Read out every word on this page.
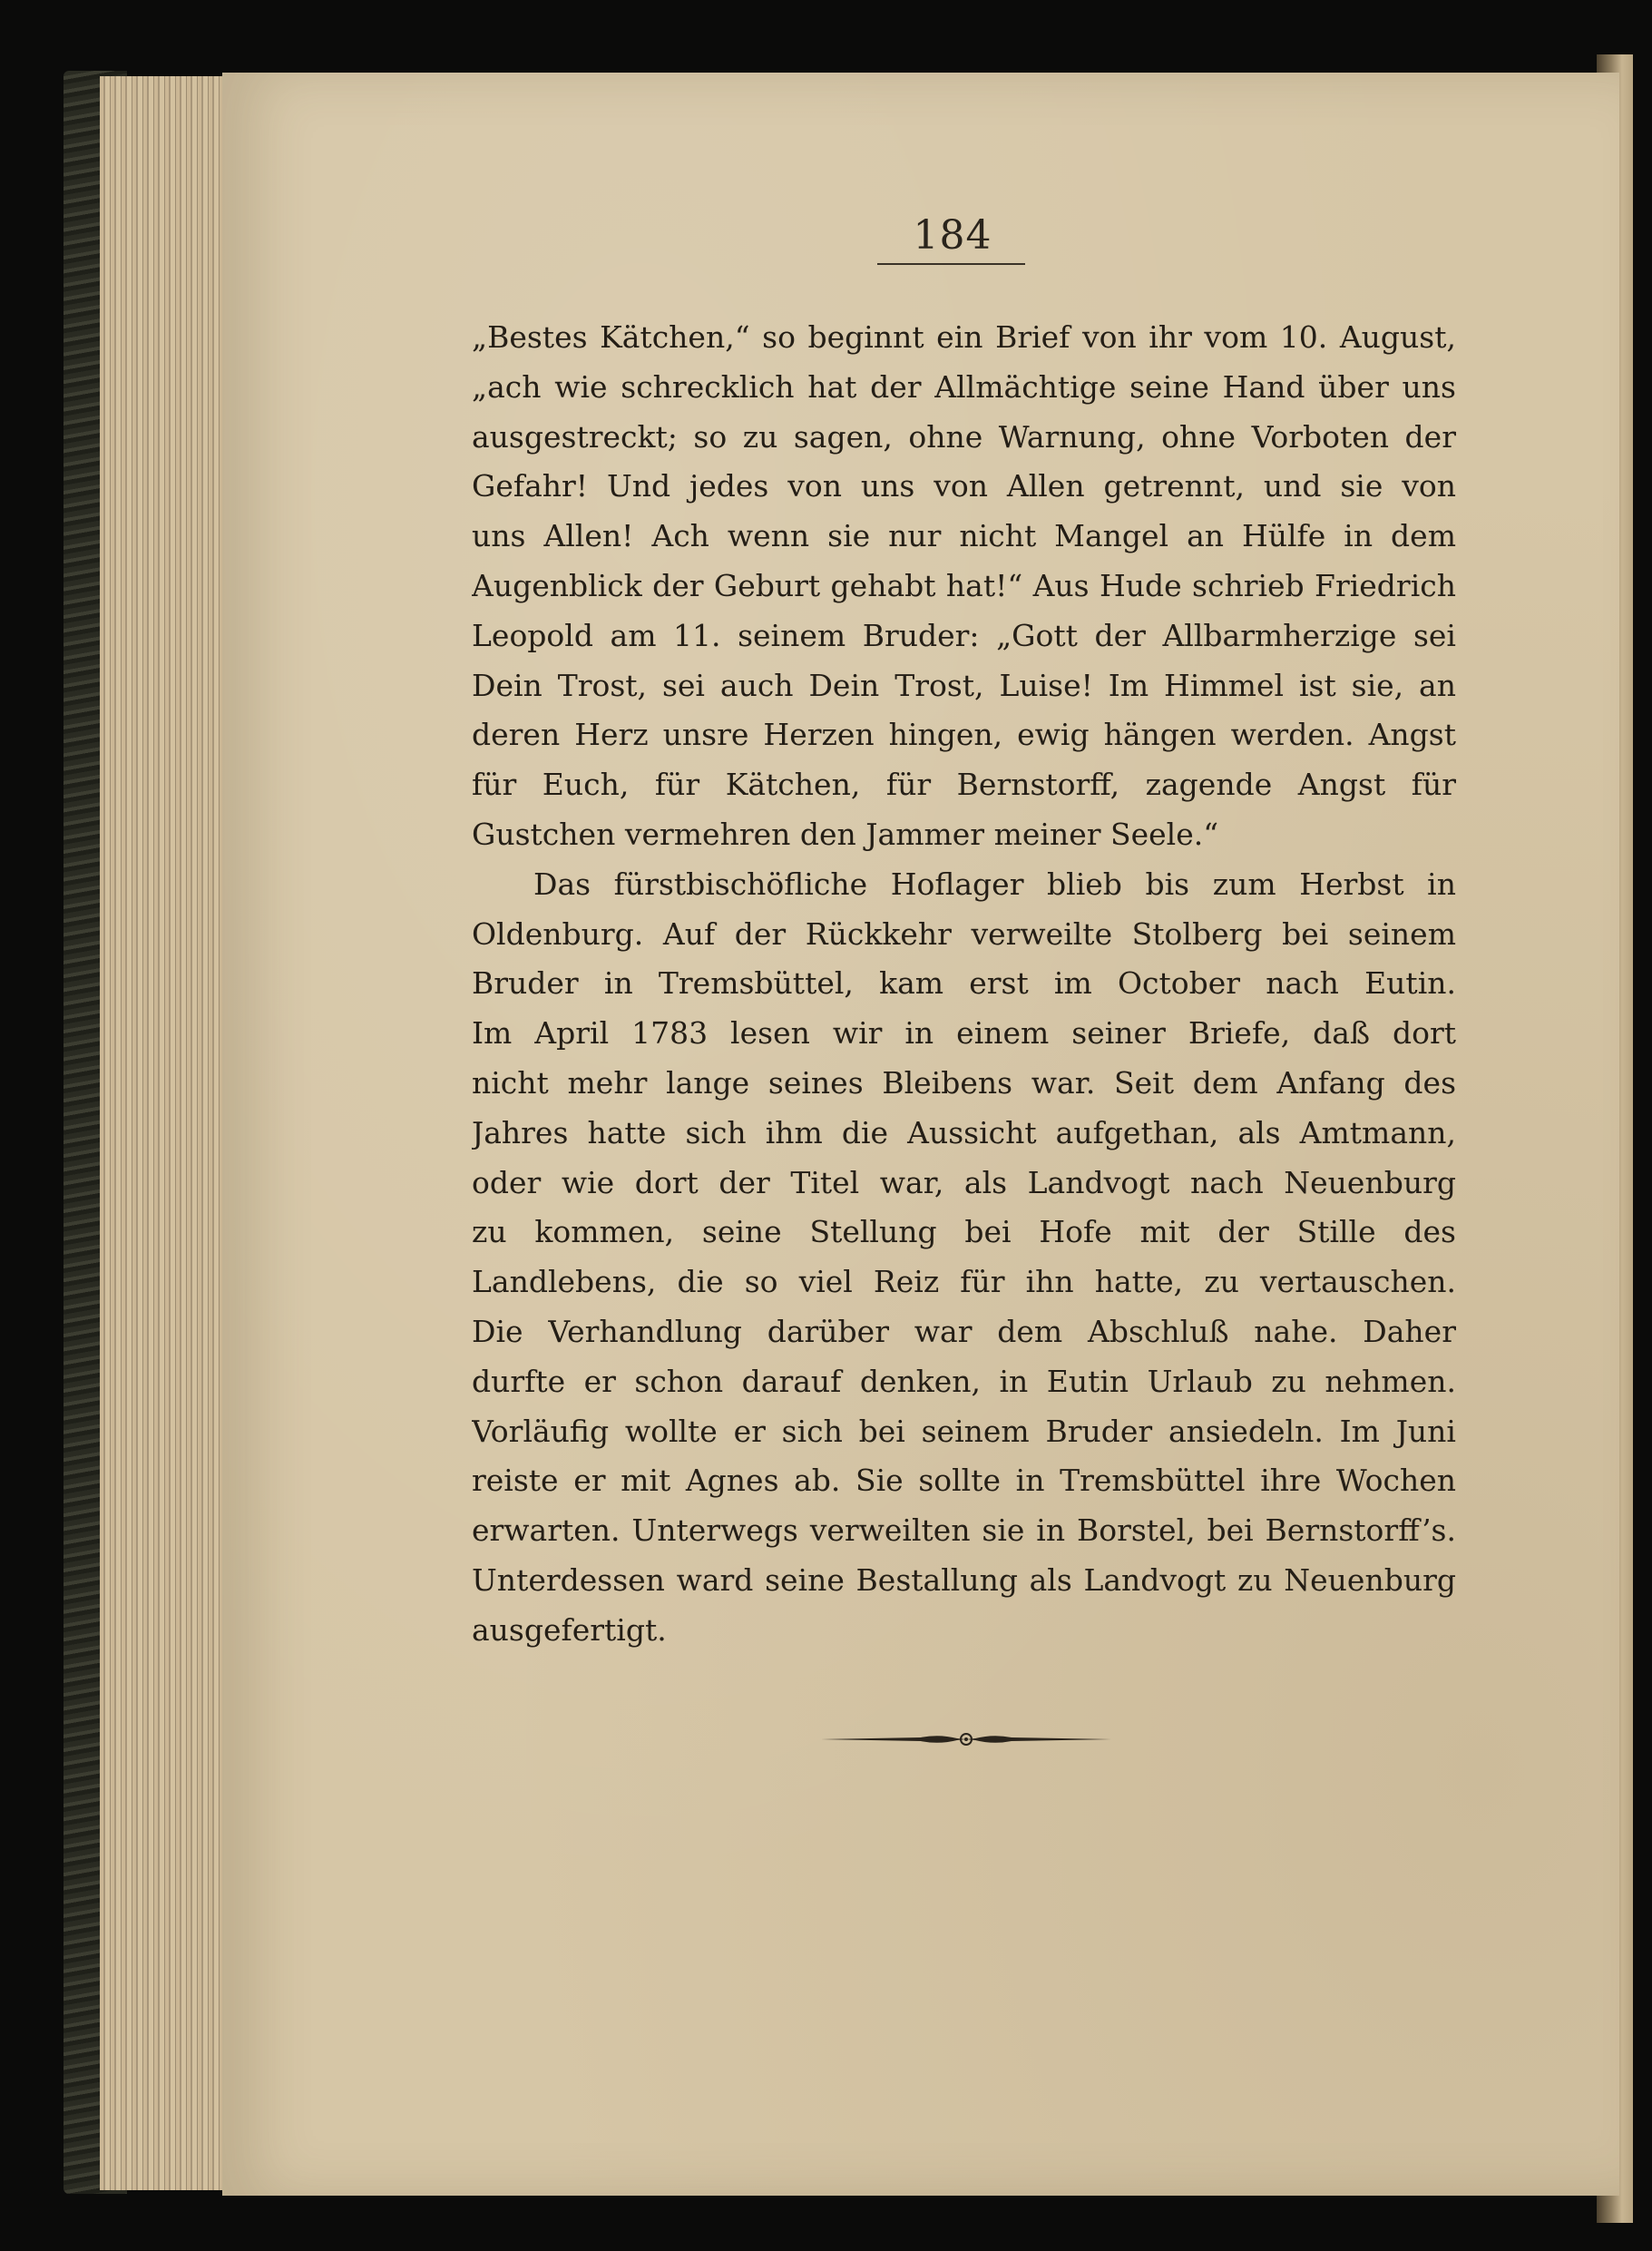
184
„Bestes Kätchen,“ so beginnt ein Brief von ihr vom 10. August,
„ach wie schrecklich hat der Allmächtige seine Hand über uns
ausgestreckt; so zu sagen, ohne Warnung, ohne Vorboten der
Gefahr! Und jedes von uns von Allen getrennt, und sie von
uns Allen! Ach wenn sie nur nicht Mangel an Hülfe in dem
Augenblick der Geburt gehabt hat!“ Aus Hude schrieb Friedrich
Leopold am 11. seinem Bruder: „Gott der Allbarmherzige sei
Dein Trost, sei auch Dein Trost, Luise! Im Himmel ist sie, an
deren Herz unsre Herzen hingen, ewig hängen werden. Angst
für Euch, für Kätchen, für Bernstorff, zagende Angst für
Gustchen vermehren den Jammer meiner Seele.“
Das fürstbischöfliche Hoflager blieb bis zum Herbst in
Oldenburg. Auf der Rückkehr verweilte Stolberg bei seinem
Bruder in Tremsbüttel, kam erst im October nach Eutin.
Im April 1783 lesen wir in einem seiner Briefe, daß dort
nicht mehr lange seines Bleibens war. Seit dem Anfang des
Jahres hatte sich ihm die Aussicht aufgethan, als Amtmann,
oder wie dort der Titel war, als Landvogt nach Neuenburg
zu kommen, seine Stellung bei Hofe mit der Stille des
Landlebens, die so viel Reiz für ihn hatte, zu vertauschen.
Die Verhandlung darüber war dem Abschluß nahe. Daher
durfte er schon darauf denken, in Eutin Urlaub zu nehmen.
Vorläufig wollte er sich bei seinem Bruder ansiedeln. Im Juni
reiste er mit Agnes ab. Sie sollte in Tremsbüttel ihre Wochen
erwarten. Unterwegs verweilten sie in Borstel, bei Bernstorff’s.
Unterdessen ward seine Bestallung als Landvogt zu Neuenburg
ausgefertigt.
